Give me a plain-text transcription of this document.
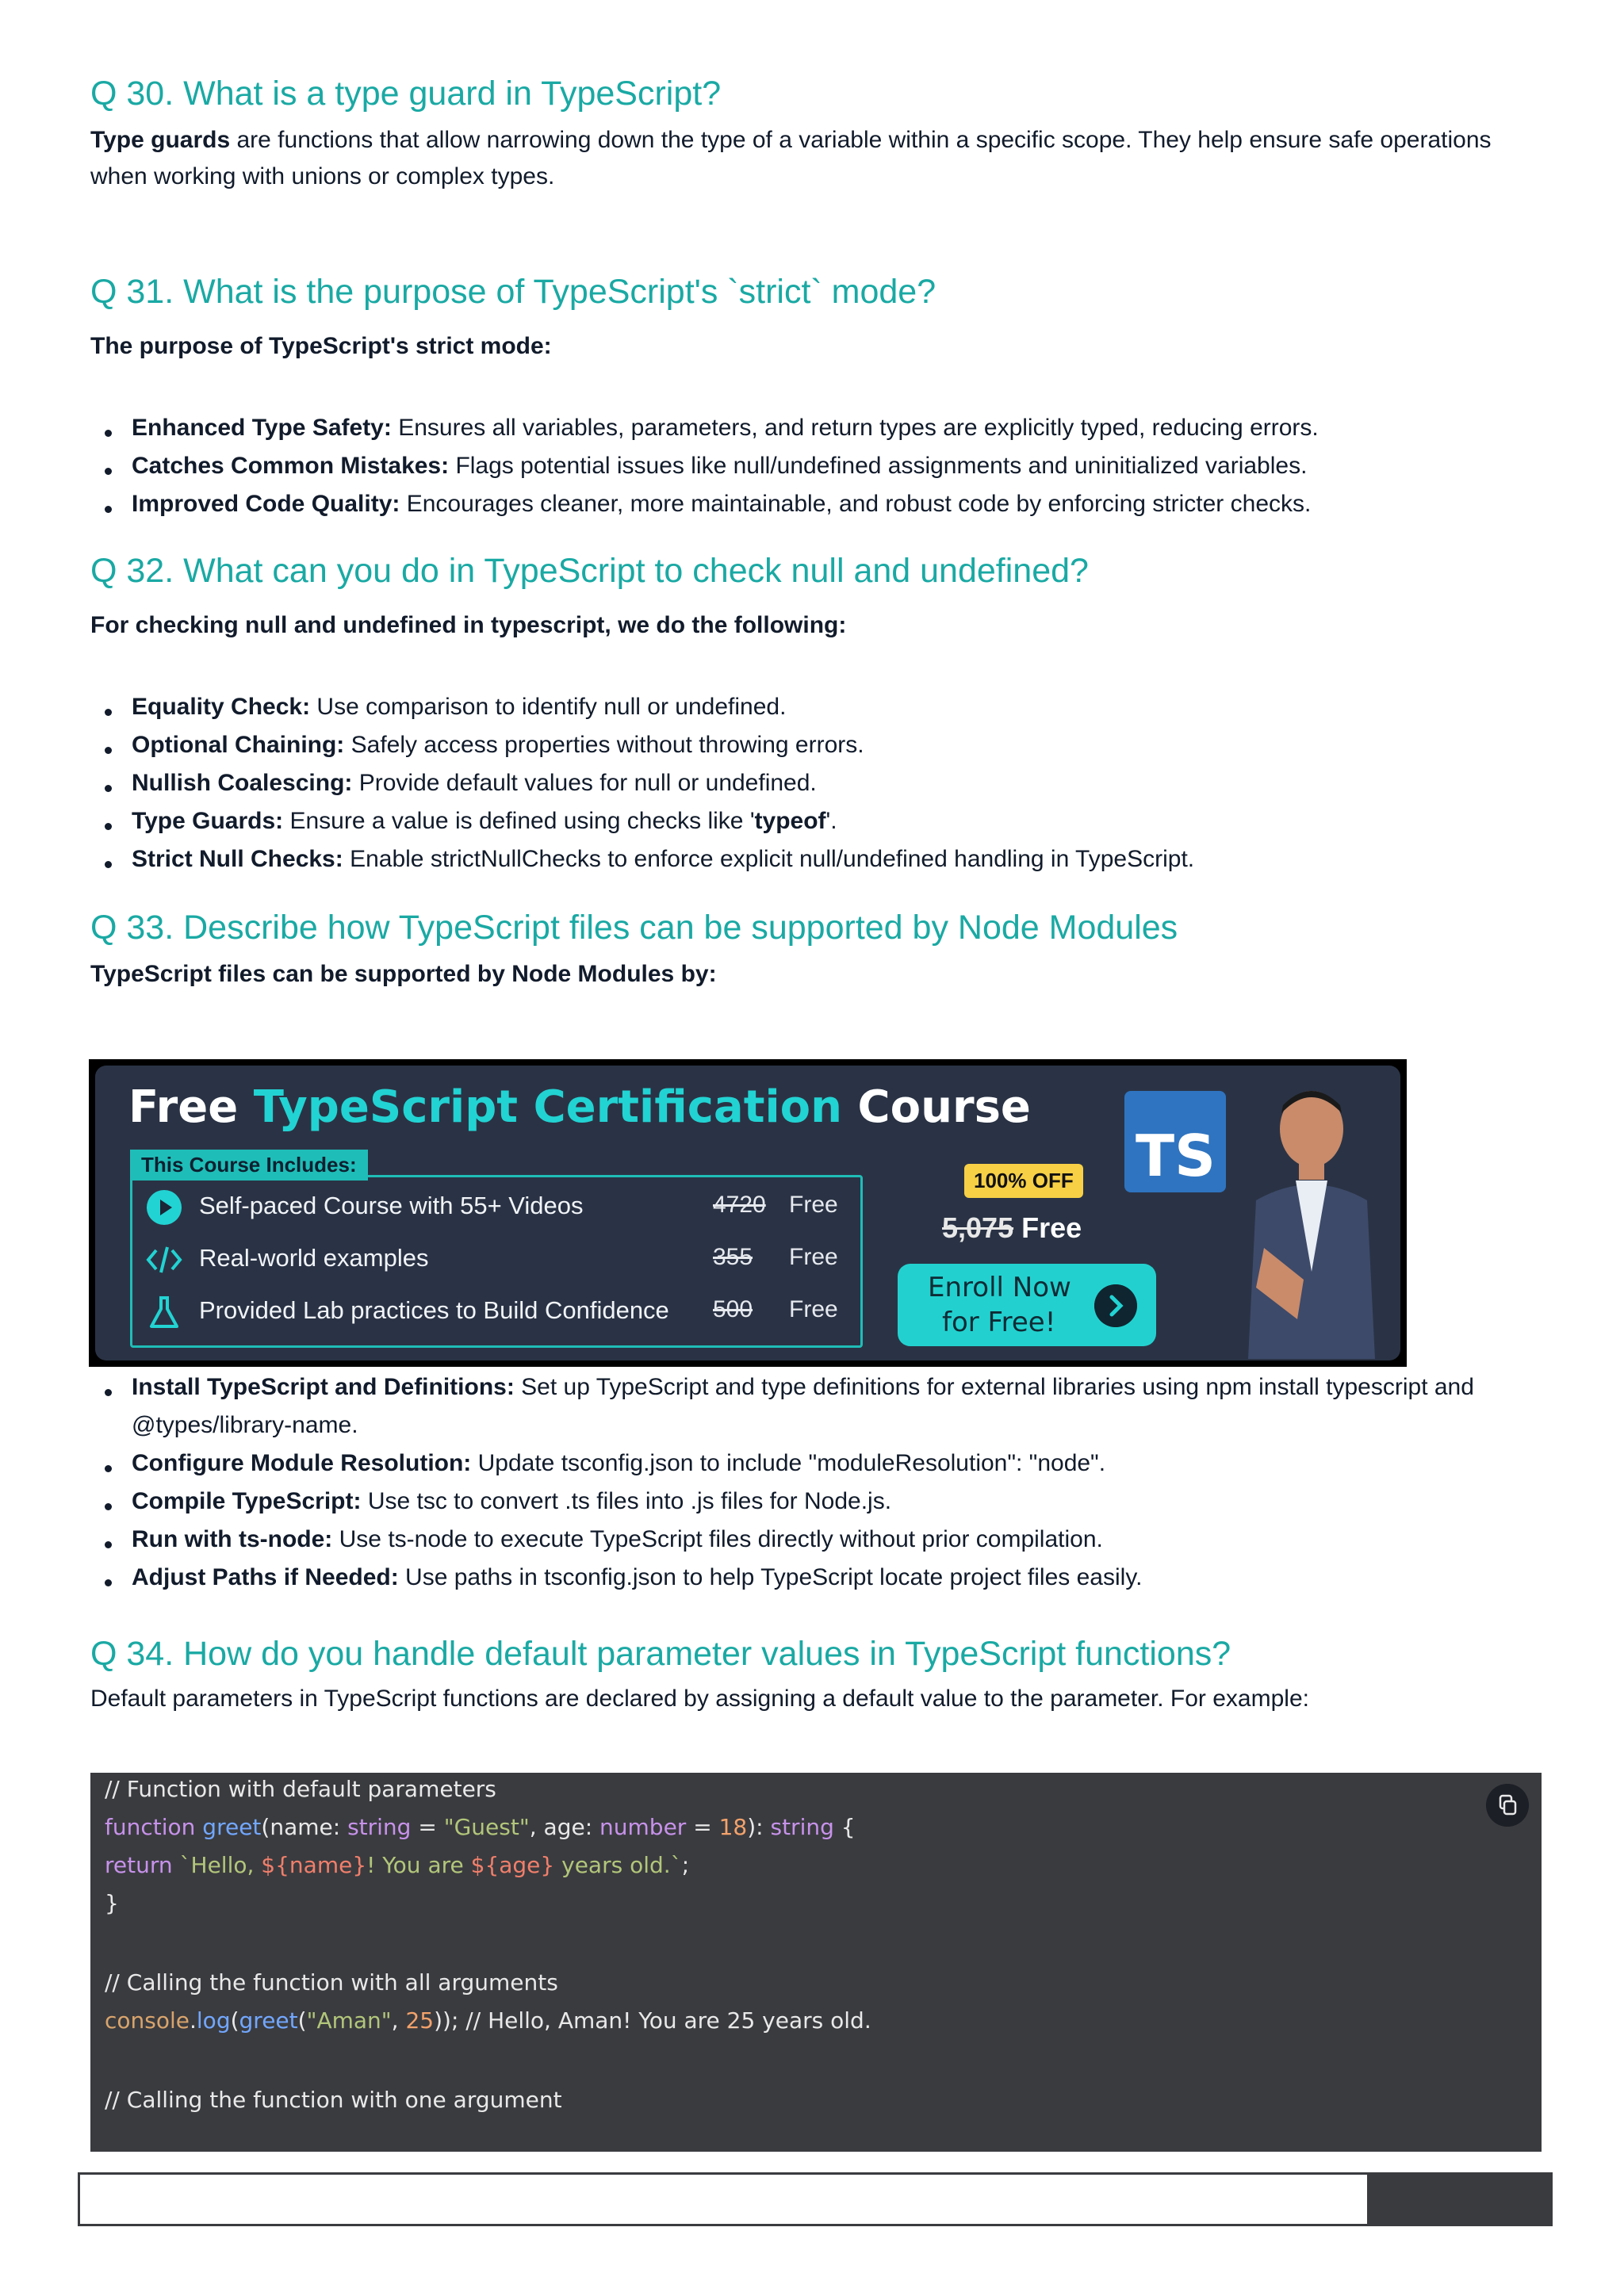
Q 30. What is a type guard in TypeScript?
Type guards are functions that allow narrowing down the type of a variable within a specific scope. They help ensure safe operations when working with unions or complex types.
Q 31. What is the purpose of TypeScript's `strict` mode?
The purpose of TypeScript's strict mode:
Enhanced Type Safety: Ensures all variables, parameters, and return types are explicitly typed, reducing errors.
Catches Common Mistakes: Flags potential issues like null/undefined assignments and uninitialized variables.
Improved Code Quality: Encourages cleaner, more maintainable, and robust code by enforcing stricter checks.
Q 32. What can you do in TypeScript to check null and undefined?
For checking null and undefined in typescript, we do the following:
Equality Check: Use comparison to identify null or undefined.
Optional Chaining: Safely access properties without throwing errors.
Nullish Coalescing: Provide default values for null or undefined.
Type Guards: Ensure a value is defined using checks like 'typeof'.
Strict Null Checks: Enable strictNullChecks to enforce explicit null/undefined handling in TypeScript.
Q 33. Describe how TypeScript files can be supported by Node Modules
TypeScript files can be supported by Node Modules by:
Free TypeScript Certification Course
Self-paced Course with 55+ Videos	4720 Free
Real-world examples	355 Free
Provided Lab practices to Build Confidence 500 Free
This Course Includes:
100% OFF
5,075 Free
Enroll Now
for Free!
TS
Install TypeScript and Definitions: Set up TypeScript and type definitions for external libraries using npm install typescript and @types/library-name.
Configure Module Resolution: Update tsconfig.json to include "moduleResolution": "node".
Compile TypeScript: Use tsc to convert .ts files into .js files for Node.js.
Run with ts-node: Use ts-node to execute TypeScript files directly without prior compilation.
Adjust Paths if Needed: Use paths in tsconfig.json to help TypeScript locate project files easily.
Q 34. How do you handle default parameter values in TypeScript functions?
Default parameters in TypeScript functions are declared by assigning a default value to the parameter. For example:
// Function with default parameters
function greet(name: string = "Guest", age: number = 18): string {
return `Hello, ${name}! You are ${age} years old.`;
}
// Calling the function with all arguments
console.log(greet("Aman", 25)); // Hello, Aman! You are 25 years old.
// Calling the function with one argument
